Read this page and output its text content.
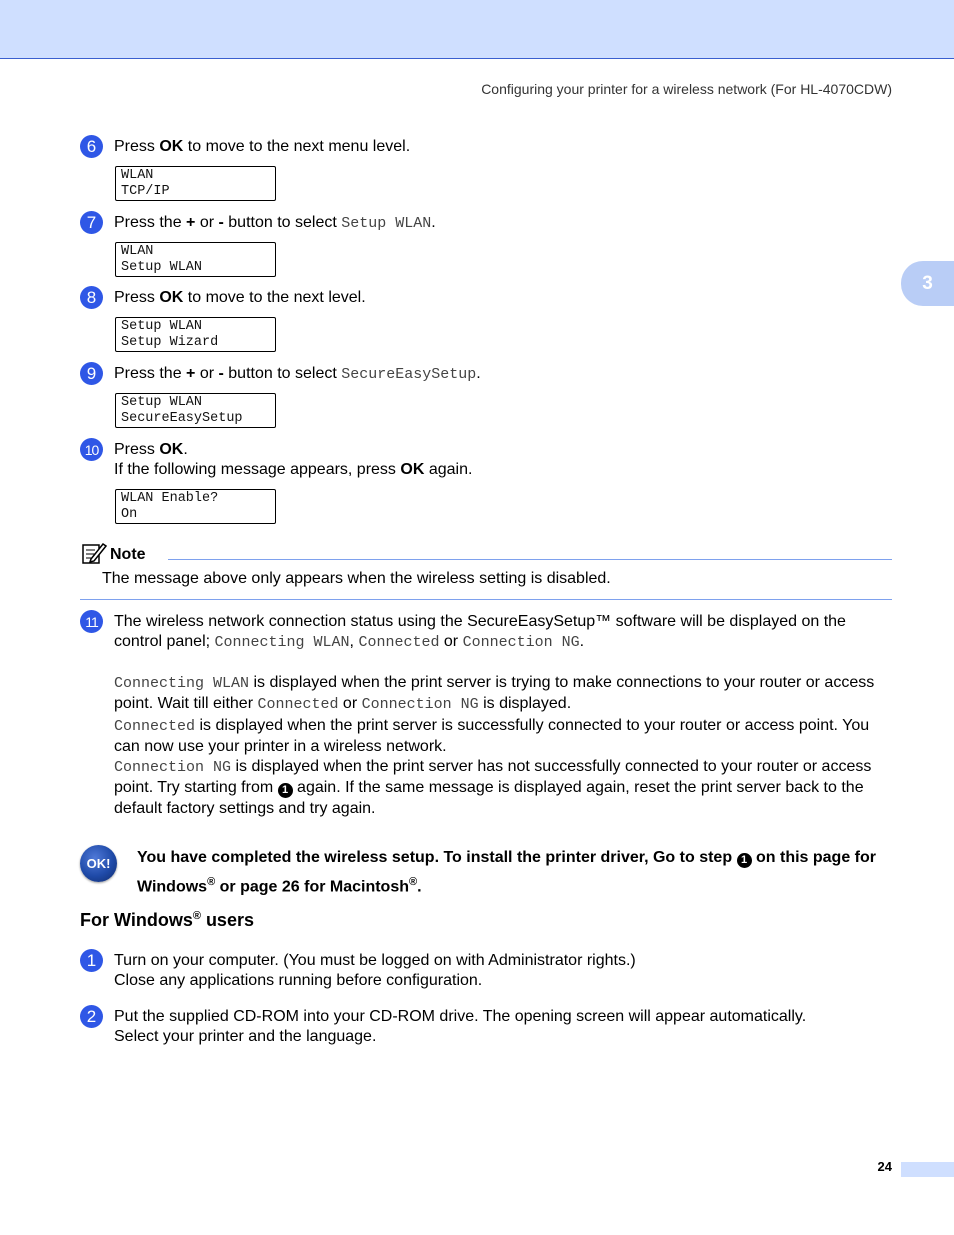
Configuring your printer for a wireless network (For HL-4070CDW)
3
6	Press OK to move to the next menu level.
WLAN
TCP/IP
7	Press the + or - button to select Setup WLAN.
WLAN
Setup WLAN
8	Press OK to move to the next level.
Setup WLAN
Setup Wizard
9	Press the + or - button to select SecureEasySetup.
Setup WLAN
SecureEasySetup
10 Press OK.
If the following message appears, press OK again.
WLAN Enable?
On
Note
The message above only appears when the wireless setting is disabled.
11	The wireless network connection status using the SecureEasySetup™ software will be displayed on the control panel; Connecting WLAN, Connected or Connection NG.
Connecting WLAN is displayed when the print server is trying to make connections to your router or access point. Wait till either Connected or Connection NG is displayed.
Connected is displayed when the print server is successfully connected to your router or access point. You can now use your printer in a wireless network.
Connection NG is displayed when the print server has not successfully connected to your router or access point. Try starting from 1 again. If the same message is displayed again, reset the print server back to the default factory settings and try again.
OK!	You have completed the wireless setup. To install the printer driver, Go to step 1 on this page for Windows® or page 26 for Macintosh®.
For Windows® users
1	Turn on your computer. (You must be logged on with Administrator rights.)
Close any applications running before configuration.
2	Put the supplied CD-ROM into your CD-ROM drive. The opening screen will appear automatically.
Select your printer and the language.
24
